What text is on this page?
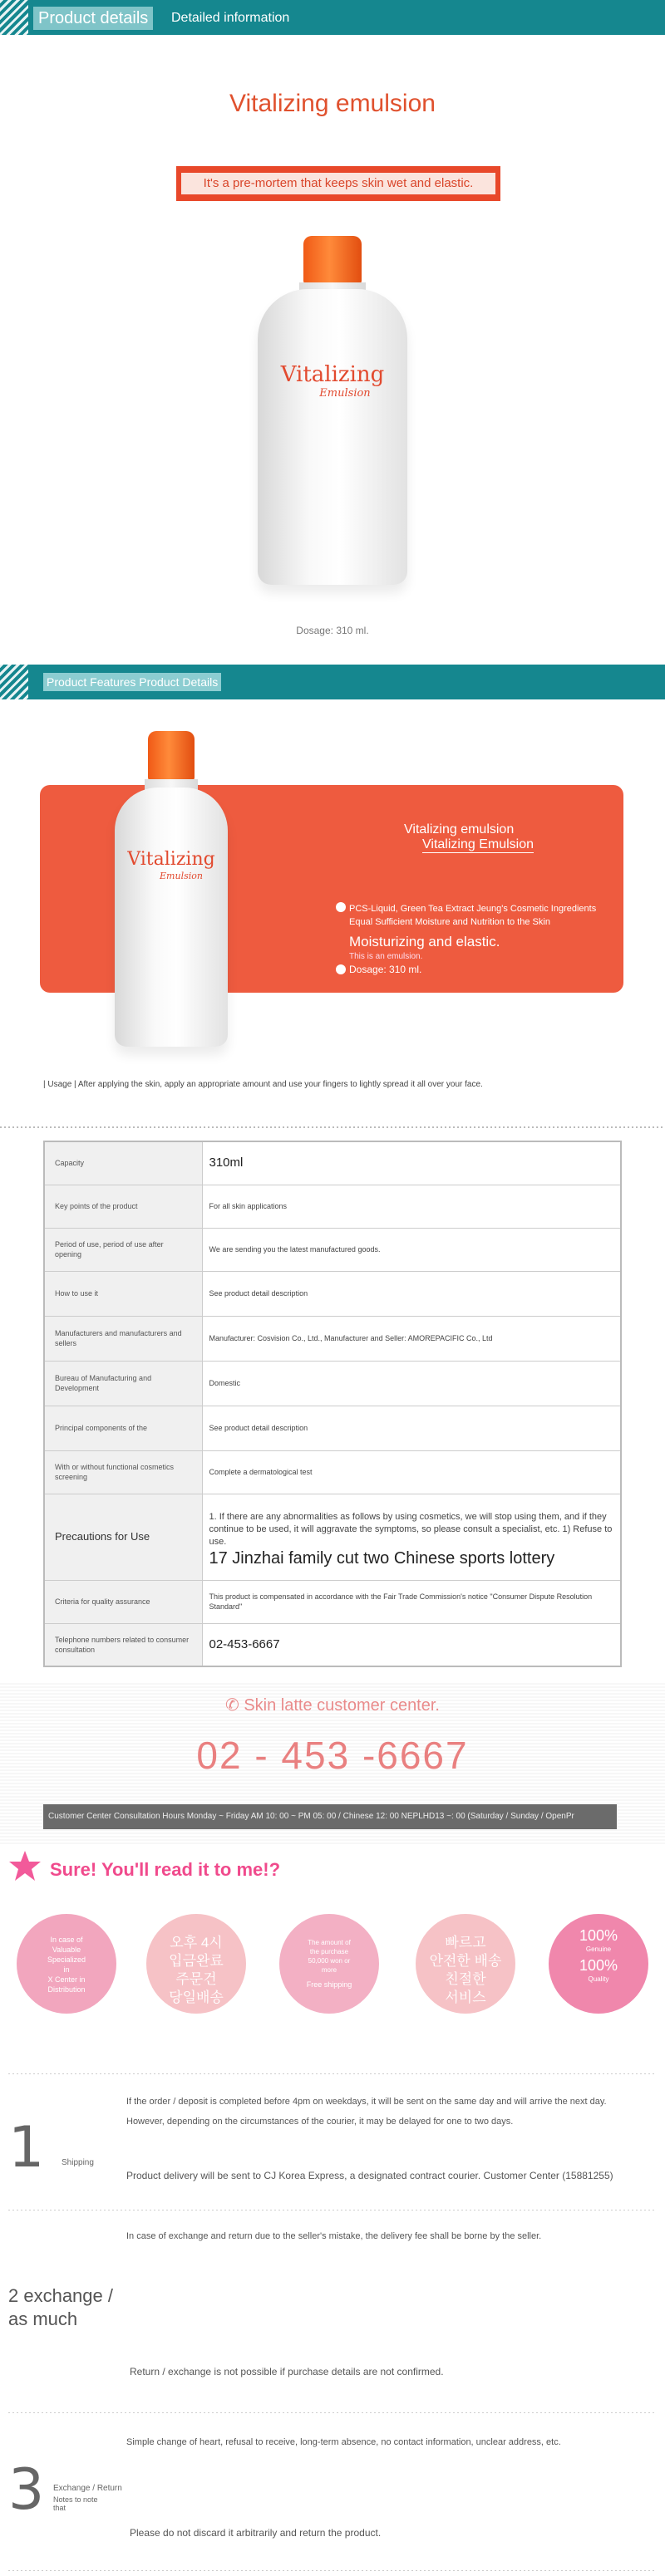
Product details	Detailed information
Vitalizing emulsion
It's a pre-mortem that keeps skin wet and elastic.
Vitalizing
Emulsion
Dosage: 310 ml.
Product Features Product Details
Vitalizing
Emulsion
Vitalizing emulsion
Vitalizing Emulsion
PCS-Liquid, Green Tea Extract Jeung's Cosmetic Ingredients Equal Sufficient Moisture and Nutrition to the Skin
Moisturizing and elastic.
This is an emulsion.
Dosage: 310 ml.
| Usage | After applying the skin, apply an appropriate amount and use your fingers to lightly spread it all over your face.
Capacity	310ml
Key points of the product	For all skin applications
Period of use, period of use after opening	We are sending you the latest manufactured goods.
How to use it	See product detail description
Manufacturers and manufacturers and sellers	Manufacturer: Cosvision Co., Ltd., Manufacturer and Seller: AMOREPACIFIC Co., Ltd
Bureau of Manufacturing and Development	Domestic
Principal components of the	See product detail description
With or without functional cosmetics screening	Complete a dermatological test
Precautions for Use	1. If there are any abnormalities as follows by using cosmetics, we will stop using them, and if they continue to be used, it will aggravate the symptoms, so please consult a specialist, etc. 1) Refuse to use.
17 Jinzhai family cut two Chinese sports lottery

Criteria for quality assurance	This product is compensated in accordance with the Fair Trade Commission's notice "Consumer Dispute Resolution Standard"
Telephone numbers related to consumer consultation	02-453-6667
✆ Skin latte customer center.
02 - 453 -6667
Customer Center Consultation Hours Monday ~ Friday AM 10: 00 ~ PM 05: 00 / Chinese 12: 00 NEPLHD13 ~: 00 (Saturday / Sunday / OpenPr
Sure! You'll read it to me!?
In case of
Valuable
Specialized
in
X Center in
Distribution
오후 4시
입금완료
주문건
당일배송
The amount of
the purchase
50,000 won or
more
Free shipping
빠르고
안전한 배송
친절한
서비스
100%
Genuine
100%
Quality
1 Shipping
If the order / deposit is completed before 4pm on weekdays, it will be sent on the same day and will arrive the next day.
However, depending on the circumstances of the courier, it may be delayed for one to two days.
Product delivery will be sent to CJ Korea Express, a designated contract courier. Customer Center (15881255)
2 exchange / as much
In case of exchange and return due to the seller's mistake, the delivery fee shall be borne by the seller.
Return / exchange is not possible if purchase details are not confirmed.
3 Exchange / Return
Notes to note that
Simple change of heart, refusal to receive, long-term absence, no contact information, unclear address, etc.
Please do not discard it arbitrarily and return the product.
